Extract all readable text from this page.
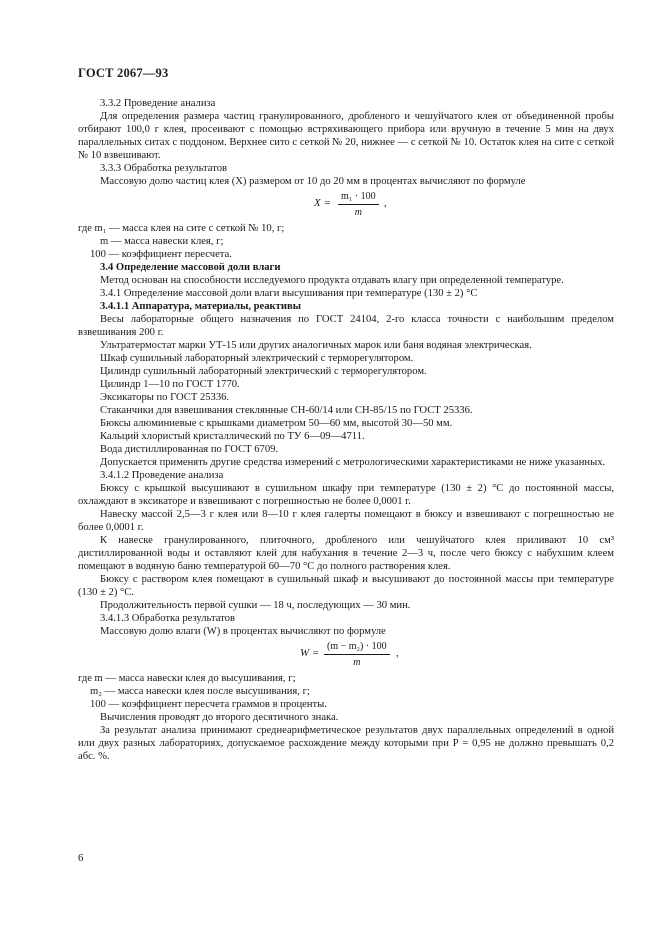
ГОСТ 2067—93

3.3.2 Проведение анализа

Для определения размера частиц гранулированного, дробленого и чешуйчатого клея от объединенной пробы отбирают 100,0 г клея, просеивают с помощью встряхивающего прибора или вручную в течение 5 мин на двух параллельных ситах с поддоном. Верхнее сито с сеткой № 20, нижнее — с сеткой № 10. Остаток клея на сите с сеткой № 10 взвешивают.

3.3.3 Обработка результатов

Массовую долю частиц клея (X) размером от 10 до 20 мм в процентах вычисляют по формуле

$X = \frac{\text{m₁ · 100}}{m}$ ,

где m₁ — масса клея на сите с сеткой № 10, г;

m — масса навески клея, г;

100 — коэффициент пересчета.

3.4 Определение массовой доли влаги

Метод основан на способности исследуемого продукта отдавать влагу при определенной температуре.

3.4.1 Определение массовой доли влаги высушивания при температуре (130 ± 2) °С

3.4.1.1 Аппаратура, материалы, реактивы

Весы лабораторные общего назначения по ГОСТ 24104, 2-го класса точности с наибольшим пределом взвешивания 200 г.

Ультратермостат марки УТ-15 или других аналогичных марок или баня водяная электрическая.

Шкаф сушильный лабораторный электрический с терморегулятором.

Цилиндр сушильный лабораторный электрический с терморегулятором.

Цилиндр 1—10 по ГОСТ 1770.

Эксикаторы по ГОСТ 25336.

Стаканчики для взвешивания стеклянные СН-60/14 или СН-85/15 по ГОСТ 25336.

Бюксы алюминиевые с крышками диаметром 50—60 мм, высотой 30—50 мм.

Кальций хлористый кристаллический по ТУ 6—09—4711.

Вода дистиллированная по ГОСТ 6709.

Допускается применять другие средства измерений с метрологическими характеристиками не ниже указанных.

3.4.1.2 Проведение анализа

Бюксу с крышкой высушивают в сушильном шкафу при температуре (130 ± 2) °С до постоянной массы, охлаждают в эксикаторе и взвешивают с погрешностью не более 0,0001 г.

Навеску массой 2,5—3 г клея или 8—10 г клея галерты помещают в бюксу и взвешивают с погрешностью не более 0,0001 г.

К навеске гранулированного, плиточного, дробленого или чешуйчатого клея приливают 10 см³ дистиллированной воды и оставляют клей для набухания в течение 2—3 ч, после чего бюксу с набухшим клеем помещают в водяную баню температурой 60—70 °С до полного растворения клея.

Бюксу с раствором клея помещают в сушильный шкаф и высушивают до постоянной массы при температуре (130 ± 2) °С.

Продолжительность первой сушки — 18 ч, последующих — 30 мин.

3.4.1.3 Обработка результатов

Массовую долю влаги (W) в процентах вычисляют по формуле

$W = \frac{\text{(m − m₂) · 100}}{m}$ ,

где m — масса навески клея до высушивания, г;

m₂ — масса навески клея после высушивания, г;

100 — коэффициент пересчета граммов в проценты.

Вычисления проводят до второго десятичного знака.

За результат анализа принимают среднеарифметическое результатов двух параллельных определений в одной или двух разных лабораториях, допускаемое расхождение между которыми при P = 0,95 не должно превышать 0,2 абс. %.

6
